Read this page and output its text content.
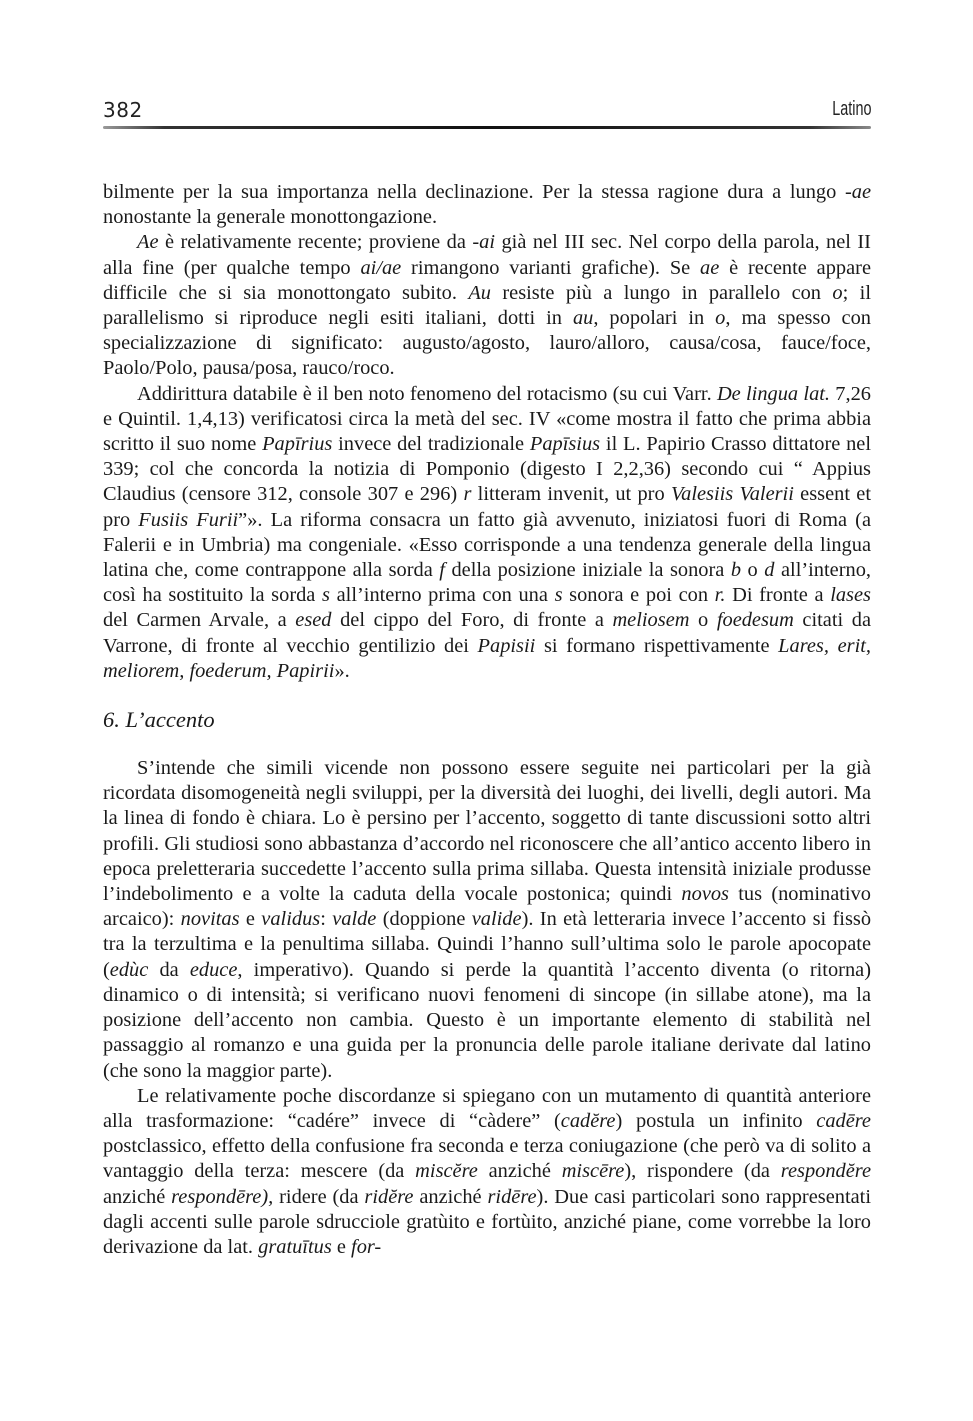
382	Latino

bilmente per la sua importanza nella declinazione. Per la stessa ragione dura a lungo -ae nonostante la generale monottongazione.

Ae è relativamente recente; proviene da -ai già nel III sec. Nel corpo della parola, nel II alla fine (per qualche tempo ai/ae rimangono varianti grafiche). Se ae è recente appare difficile che si sia monottongato subito. Au resiste più a lungo in parallelo con o; il parallelismo si riproduce negli esiti italiani, dotti in au, popolari in o, ma spesso con specializzazione di significato: augusto/agosto, lauro/alloro, causa/cosa, fauce/foce, Paolo/Polo, pausa/posa, rauco/roco.

Addirittura databile è il ben noto fenomeno del rotacismo (su cui Varr. De lingua lat. 7,26 e Quintil. 1,4,13) verificatosi circa la metà del sec. IV «come mostra il fatto che prima abbia scritto il suo nome Papīrius invece del tradizionale Papīsius il L. Papirio Crasso dittatore nel 339; col che concorda la notizia di Pomponio (digesto I 2,2,36) secondo cui “ Appius Claudius (censore 312, console 307 e 296) r litteram invenit, ut pro Valesiis Valerii essent et pro Fusiis Furii”». La riforma consacra un fatto già avvenuto, iniziatosi fuori di Roma (a Falerii e in Umbria) ma congeniale. «Esso corrisponde a una tendenza generale della lingua latina che, come contrappone alla sorda f della posizione iniziale la sonora b o d all’interno, così ha sostituito la sorda s all’interno prima con una s sonora e poi con r. Di fronte a lases del Carmen Arvale, a esed del cippo del Foro, di fronte a meliosem o foedesum citati da Varrone, di fronte al vecchio gentilizio dei Papisii si formano rispettivamente Lares, erit, meliorem, foederum, Papirii».

6. L’accento

S’intende che simili vicende non possono essere seguite nei particolari per la già ricordata disomogeneità negli sviluppi, per la diversità dei luoghi, dei livelli, degli autori. Ma la linea di fondo è chiara. Lo è persino per l’accento, soggetto di tante discussioni sotto altri profili. Gli studiosi sono abbastanza d’accordo nel riconoscere che all’antico accento libero in epoca preletteraria succedette l’accento sulla prima sillaba. Questa intensità iniziale produsse l’indebolimento e a volte la caduta della vocale postonica; quindi novos tus (nominativo arcaico): novitas e validus: valde (doppione valide). In età letteraria invece l’accento si fissò tra la terzultima e la penultima sillaba. Quindi l’hanno sull’ultima solo le parole apocopate (edùc da educe, imperativo). Quando si perde la quantità l’accento diventa (o ritorna) dinamico o di intensità; si verificano nuovi fenomeni di sincope (in sillabe atone), ma la posizione dell’accento non cambia. Questo è un importante elemento di stabilità nel passaggio al romanzo e una guida per la pronuncia delle parole italiane derivate dal latino (che sono la maggior parte).

Le relativamente poche discordanze si spiegano con un mutamento di quantità anteriore alla trasformazione: “cadére” invece di “càdere” (cadĕre) postula un infinito cadēre postclassico, effetto della confusione fra seconda e terza coniugazione (che però va di solito a vantaggio della terza: mescere (da miscĕre anziché miscēre), rispondere (da respondĕre anziché respondēre), ridere (da ridĕre anziché ridēre). Due casi particolari sono rappresentati dagli accenti sulle parole sdrucciole gratùito e fortùito, anziché piane, come vorrebbe la loro derivazione da lat. gratuītus e for-
